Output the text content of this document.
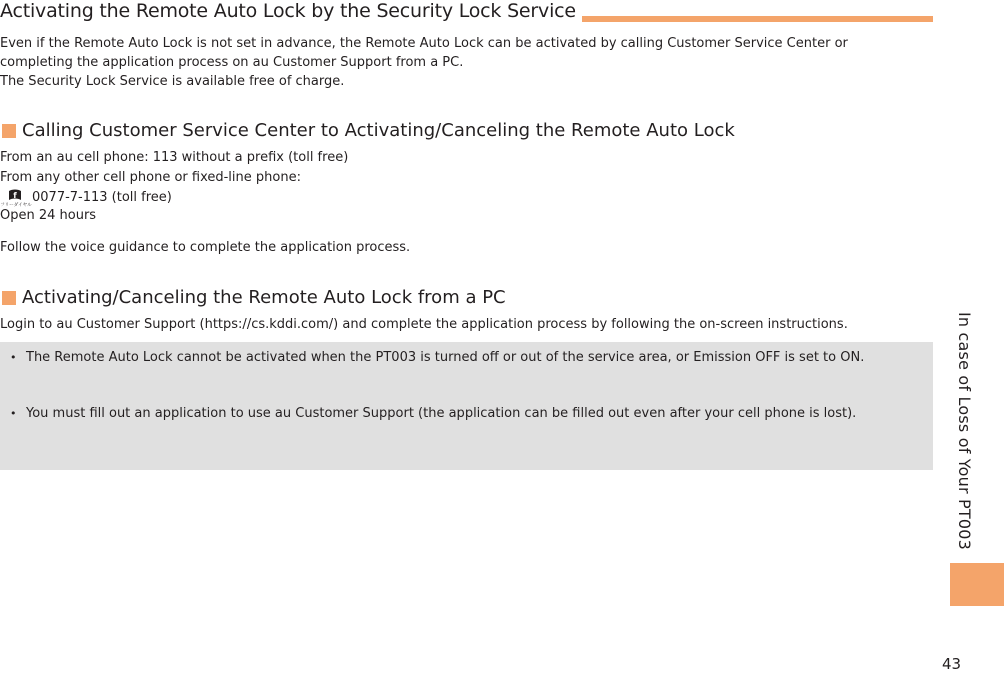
Activating the Remote Auto Lock by the Security Lock Service

Even if the Remote Auto Lock is not set in advance, the Remote Auto Lock can be activated by calling Customer Service Center or

completing the application process on au Customer Support from a PC.

The Security Lock Service is available free of charge.

Calling Customer Service Center to Activating/Canceling the Remote Auto Lock

From an au cell phone: 113 without a prefix (toll free)

From any other cell phone or fixed-line phone:

f
フリーダイヤル
0077-7-113 (toll free)

Open 24 hours

Follow the voice guidance to complete the application process.

Activating/Canceling the Remote Auto Lock from a PC

Login to au Customer Support (https://cs.kddi.com/) and complete the application process by following the on-screen instructions.

• The Remote Auto Lock cannot be activated when the PT003 is turned off or out of the service area, or Emission OFF is set to ON.
• You must fill out an application to use au Customer Support (the application can be filled out even after your cell phone is lost).	In case of Loss of Your PT003
43
